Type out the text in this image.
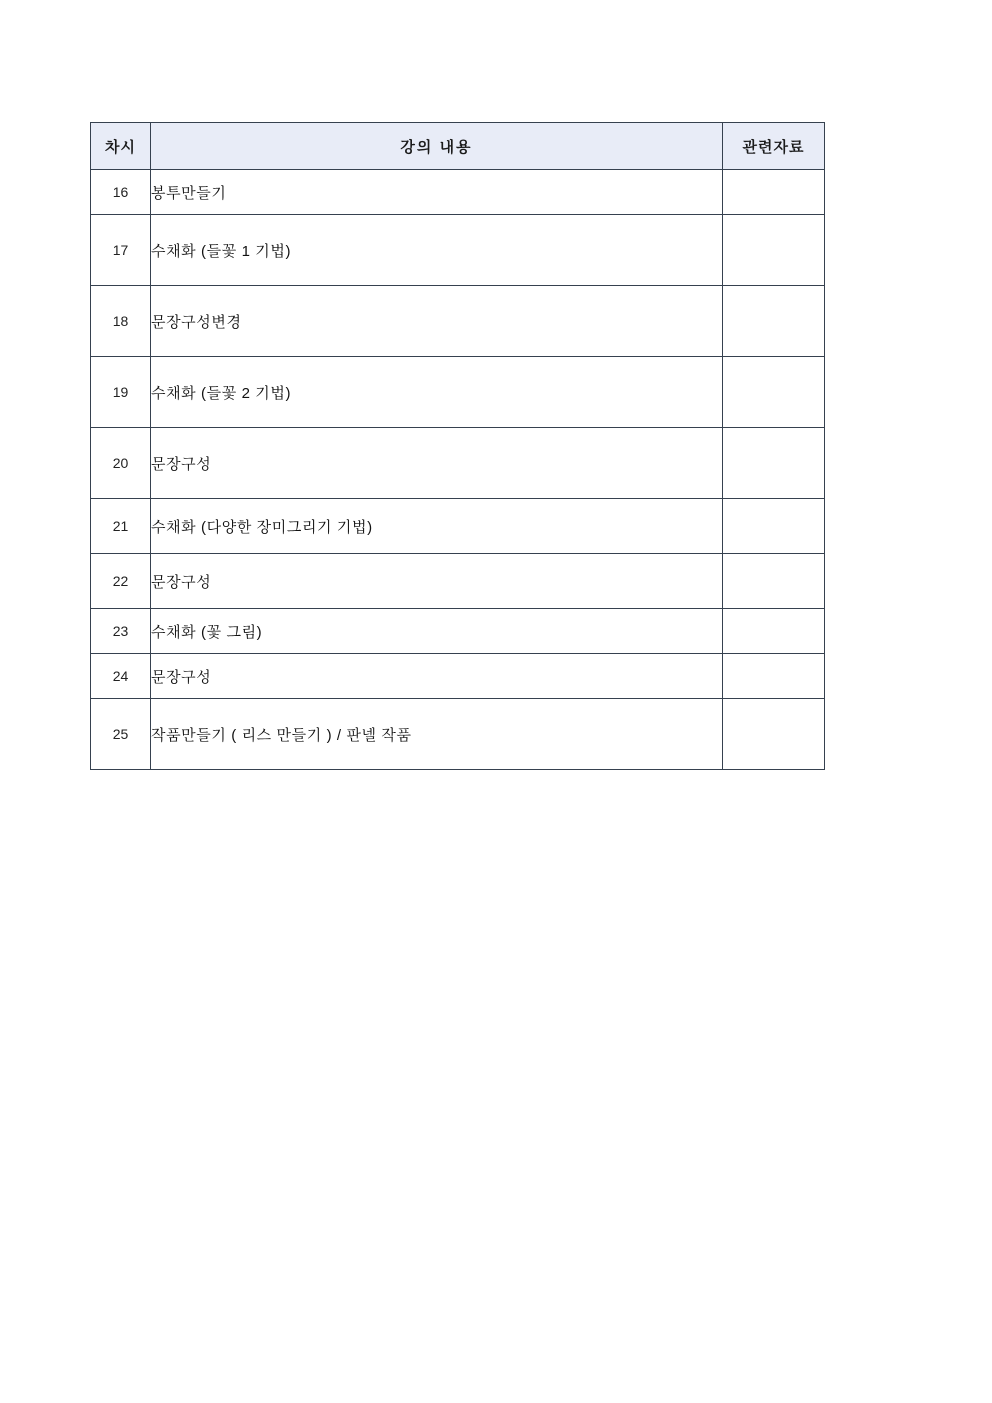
차시	강의 내용	관련자료
16	봉투만들기	
17	수채화 (들꽃 1 기법)	
18	문장구성변경	
19	수채화 (들꽃 2 기법)	
20	문장구성	
21	수채화 (다양한 장미그리기 기법)	
22	문장구성	
23	수채화 (꽃 그림)	
24	문장구성	
25	작품만들기 ( 리스 만들기 ) / 판넬 작품	
